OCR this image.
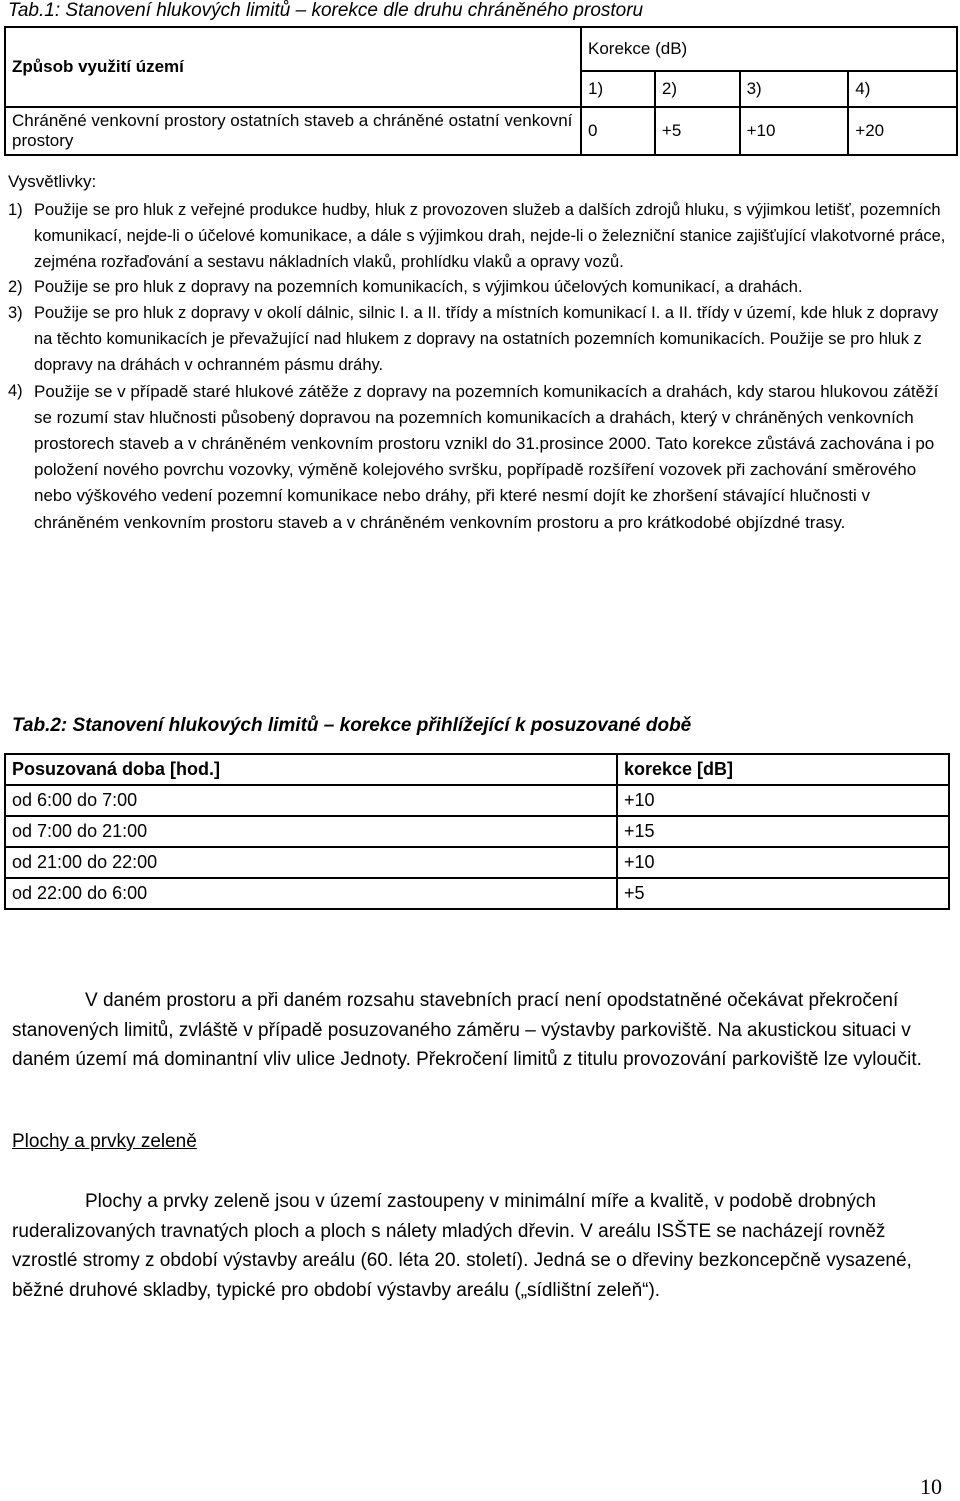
Tab.1: Stanovení hlukových limitů – korekce dle druhu chráněného prostoru
Způsob využití území	Korekce (dB)			
	1)	2)	3)	4)
Chráněné venkovní prostory ostatních staveb a chráněné ostatní venkovní prostory	0	+5	+10	+20
Vysvětlivky:
1) Použije se pro hluk z veřejné produkce hudby, hluk z provozoven služeb a dalších zdrojů hluku, s výjimkou letišť, pozemních komunikací, nejde-li o účelové komunikace, a dále s výjimkou drah, nejde-li o železniční stanice zajišťující vlakotvorné práce, zejména rozřaďování a sestavu nákladních vlaků, prohlídku vlaků a opravy vozů.
2) Použije se pro hluk z dopravy na pozemních komunikacích, s výjimkou účelových komunikací, a drahách.
3) Použije se pro hluk z dopravy v okolí dálnic, silnic I. a II. třídy a místních komunikací I. a II. třídy v území, kde hluk z dopravy na těchto komunikacích je převažující nad hlukem z dopravy na ostatních pozemních komunikacích. Použije se pro hluk z dopravy na dráhách v ochranném pásmu dráhy.
4) Použije se v případě staré hlukové zátěže z dopravy na pozemních komunikacích a drahách, kdy starou hlukovou zátěží se rozumí stav hlučnosti působený dopravou na pozemních komunikacích a drahách, který v chráněných venkovních prostorech staveb a v chráněném venkovním prostoru vznikl do 31.prosince 2000. Tato korekce zůstává zachována i po položení nového povrchu vozovky, výměně kolejového svršku, popřípadě rozšíření vozovek při zachování směrového nebo výškového vedení pozemní komunikace nebo dráhy, při které nesmí dojít ke zhoršení stávající hlučnosti v chráněném venkovním prostoru staveb a v chráněném venkovním prostoru a pro krátkodobé objízdné trasy.
Tab.2: Stanovení hlukových limitů – korekce přihlížející k posuzované době
Posuzovaná doba [hod.]	korekce [dB]
od 6:00 do 7:00	+10
od 7:00 do 21:00	+15
od 21:00 do 22:00	+10
od 22:00 do 6:00	+5
V daném prostoru a při daném rozsahu stavebních prací není opodstatněné očekávat překročení stanovených limitů, zvláště v případě posuzovaného záměru – výstavby parkoviště. Na akustickou situaci v daném území má dominantní vliv ulice Jednoty. Překročení limitů z titulu provozování parkoviště lze vyloučit.
Plochy a prvky zeleně
Plochy a prvky zeleně jsou v území zastoupeny v minimální míře a kvalitě, v podobě drobných ruderalizovaných travnatých ploch a ploch s nálety mladých dřevin. V areálu ISŠTE se nacházejí rovněž vzrostlé stromy z období výstavby areálu (60. léta 20. století). Jedná se o dřeviny bezkoncepčně vysazené, běžné druhové skladby, typické pro období výstavby areálu („sídlištní zeleň“).
10
